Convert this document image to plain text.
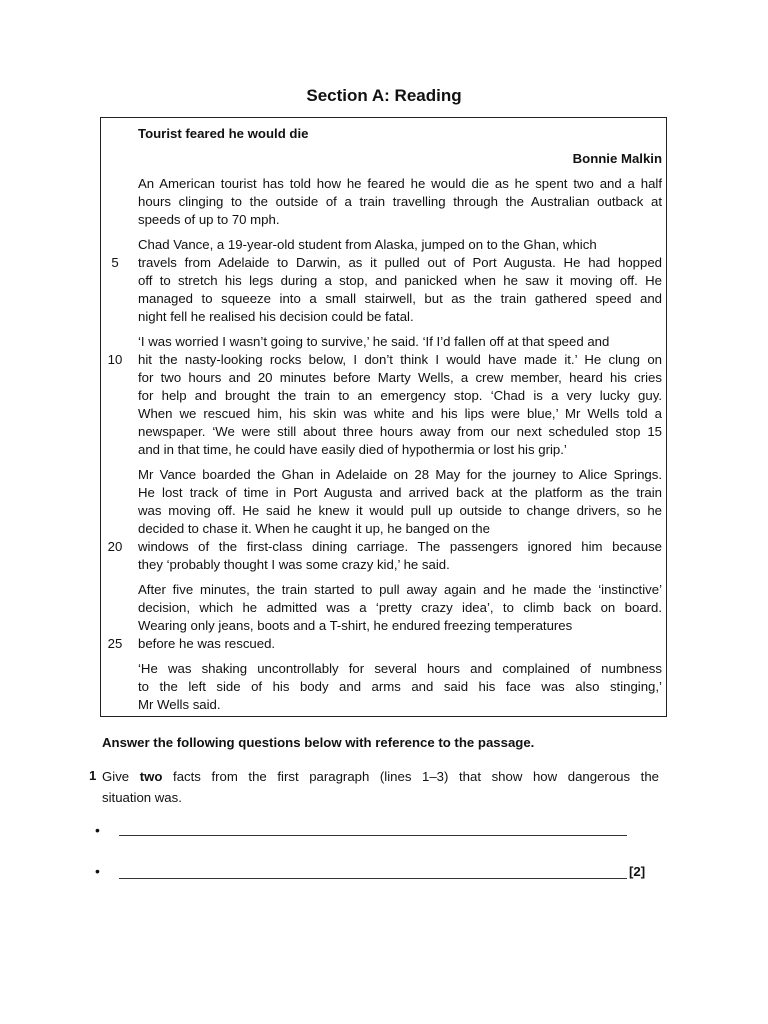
Section A: Reading
Tourist feared he would die
Bonnie Malkin
An American tourist has told how he feared he would die as he spent two and a half
hours clinging to the outside of a train travelling through the Australian outback at
speeds of up to 70 mph.
Chad Vance, a 19-year-old student from Alaska, jumped on to the Ghan, which
5	travels from Adelaide to Darwin, as it pulled out of Port Augusta. He had hopped
off to stretch his legs during a stop, and panicked when he saw it moving off. He
managed to squeeze into a small stairwell, but as the train gathered speed and
night fell he realised his decision could be fatal.
‘I was worried I wasn’t going to survive,’ he said. ‘If I’d fallen off at that speed and
10	hit the nasty-looking rocks below, I don’t think I would have made it.’ He clung on
for two hours and 20 minutes before Marty Wells, a crew member, heard his cries
for help and brought the train to an emergency stop. ‘Chad is a very lucky guy.
When we rescued him, his skin was white and his lips were blue,’ Mr Wells told a
newspaper. ‘We were still about three hours away from our next scheduled stop 15
and in that time, he could have easily died of hypothermia or lost his grip.’
Mr Vance boarded the Ghan in Adelaide on 28 May for the journey to Alice Springs.
He lost track of time in Port Augusta and arrived back at the platform as the train
was moving off. He said he knew it would pull up outside to change drivers, so he
decided to chase it. When he caught it up, he banged on the
20	windows of the first-class dining carriage. The passengers ignored him because
they ‘probably thought I was some crazy kid,’ he said.
After five minutes, the train started to pull away again and he made the ‘instinctive’
decision, which he admitted was a ‘pretty crazy idea’, to climb back on board.
Wearing only jeans, boots and a T-shirt, he endured freezing temperatures
25	before he was rescued.
‘He was shaking uncontrollably for several hours and complained of numbness
to the left side of his body and arms and said his face was also stinging,’
Mr Wells said.
Answer the following questions below with reference to the passage.
1 Give two facts from the first paragraph (lines 1–3) that show how dangerous the
situation was.
•
•	[2]
